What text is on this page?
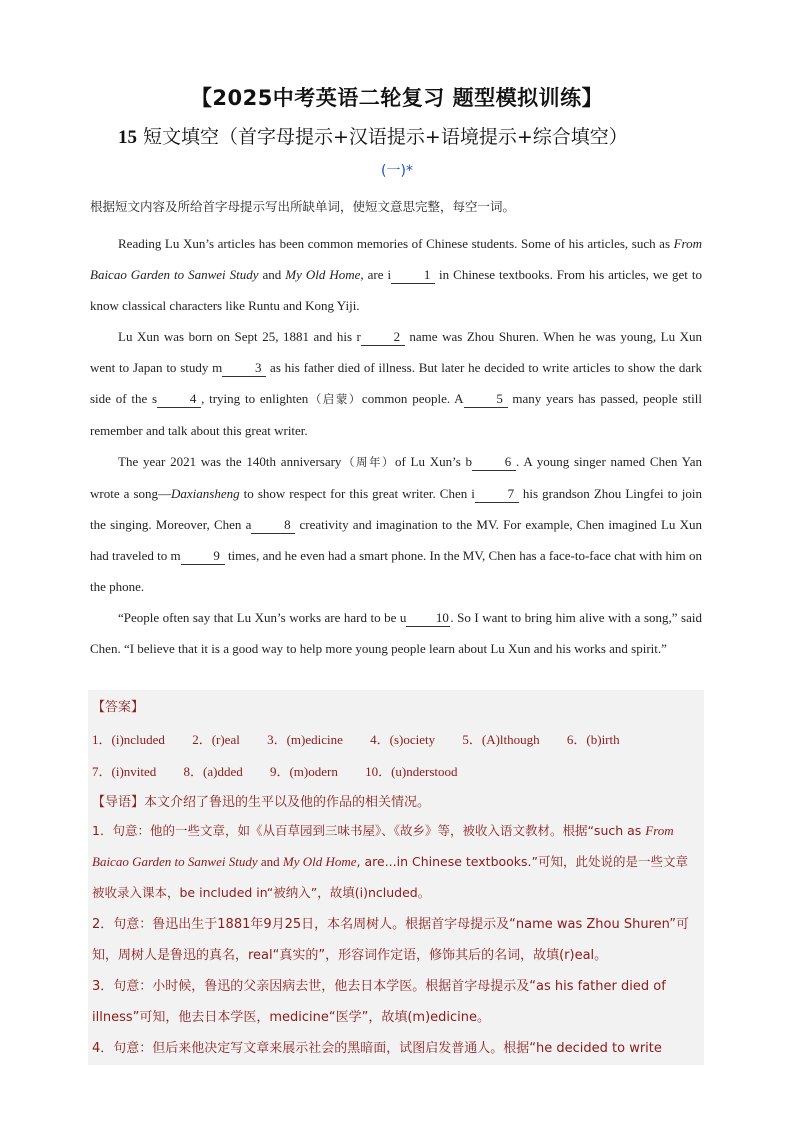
【2025中考英语二轮复习 题型模拟训练】
15 短文填空（首字母提示+汉语提示+语境提示+综合填空）
(一)*
根据短文内容及所给首字母提示写出所缺单词，使短文意思完整，每空一词。

Reading Lu Xun’s articles has been common memories of Chinese students. Some of his articles, such as From Baicao Garden to Sanwei Study and My Old Home, are i	1 in Chinese textbooks. From his articles, we get to know classical characters like Runtu and Kong Yiji.

Lu Xun was born on Sept 25, 1881 and his r	2 name was Zhou Shuren. When he was young, Lu Xun went to Japan to study m	3 as his father died of illness. But later he decided to write articles to show the dark side of the s	4 , trying to enlighten（启蒙）common people. A	5 many years has passed, people still remember and talk about this great writer.

The year 2021 was the 140th anniversary（周年）of Lu Xun’s b	6 . A young singer named Chen Yan wrote a song—Daxiansheng to show respect for this great writer. Chen i	7 his grandson Zhou Lingfei to join the singing. Moreover, Chen a	8 creativity and imagination to the MV. For example, Chen imagined Lu Xun had traveled to m	9 times, and he even had a smart phone. In the MV, Chen has a face-to-face chat with him on the phone.

“People often say that Lu Xun’s works are hard to be u 10 . So I want to bring him alive with a song,” said Chen. “I believe that it is a good way to help more young people learn about Lu Xun and his works and spirit.”

【答案】
1．(i)ncluded 2．(r)eal 3．(m)edicine 4．(s)ociety 5．(A)lthough 6．(b)irth
7．(i)nvited 8．(a)dded 9．(m)odern 10．(u)nderstood
【导语】本文介绍了鲁迅的生平以及他的作品的相关情况。
1．句意：他的一些文章，如《从百草园到三味书屋》、《故乡》等，被收入语文教材。根据“such as From Baicao Garden to Sanwei Study and My Old Home, are...in Chinese textbooks.”可知，此处说的是一些文章被收录入课本，be included in“被纳入”，故填(i)ncluded。
2．句意：鲁迅出生于1881年9月25日，本名周树人。根据首字母提示及“name was Zhou Shuren”可知，周树人是鲁迅的真名，real“真实的”，形容词作定语，修饰其后的名词，故填(r)eal。
3．句意：小时候，鲁迅的父亲因病去世，他去日本学医。根据首字母提示及“as his father died of illness”可知，他去日本学医，medicine“医学”，故填(m)edicine。
4．句意：但后来他决定写文章来展示社会的黑暗面，试图启发普通人。根据“he decided to write
